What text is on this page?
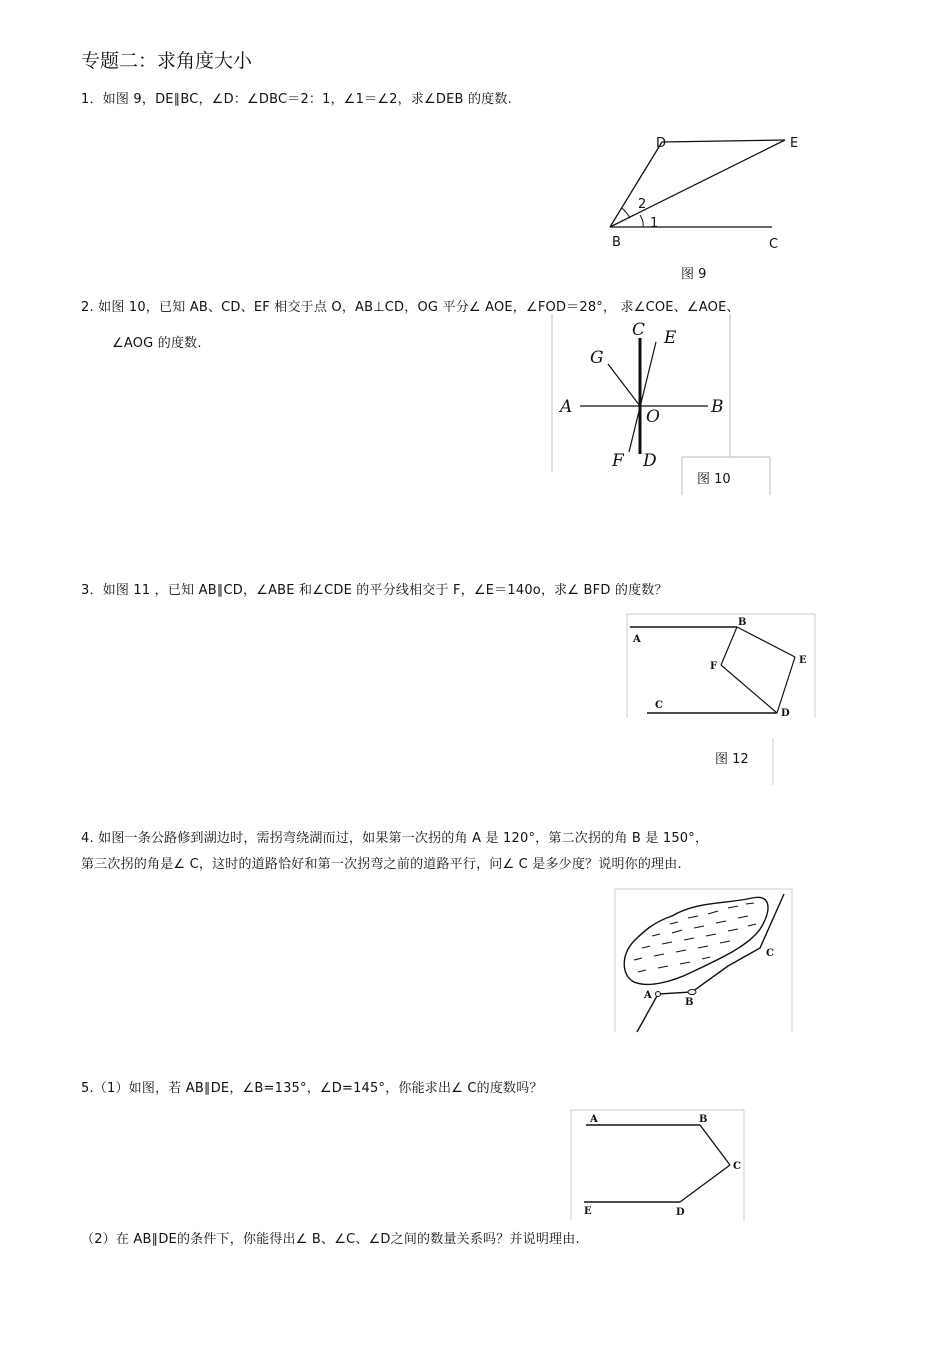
专题二：求角度大小
1．如图 9，DE∥BC，∠D：∠DBC＝2：1，∠1＝∠2，求∠DEB 的度数.
D	E
2
1
B	C
图 9
2. 如图 10，已知 AB、CD、EF 相交于点 O，AB⊥CD，OG 平分∠ AOE，∠FOD＝28°， 求∠COE、∠AOE、
∠AOG 的度数.
A	B
C
D
E
F
G
O
图 10
3．如图 11 ，已知 AB∥CD，∠ABE 和∠CDE 的平分线相交于 F，∠E＝140o，求∠ BFD 的度数？
A
B
C
D
E
F
图 12
4. 如图一条公路修到湖边时，需拐弯绕湖而过，如果第一次拐的角 A 是 120°，第二次拐的角 B 是 150°，
第三次拐的角是∠ C，这时的道路恰好和第一次拐弯之前的道路平行，问∠ C 是多少度？说明你的理由.
A
B
C
5.（1）如图，若 AB∥DE，∠B=135°，∠D=145°，你能求出∠ C的度数吗？
A	B
C
D
E
（2）在 AB∥DE的条件下，你能得出∠ B、∠C、∠D之间的数量关系吗？并说明理由.
